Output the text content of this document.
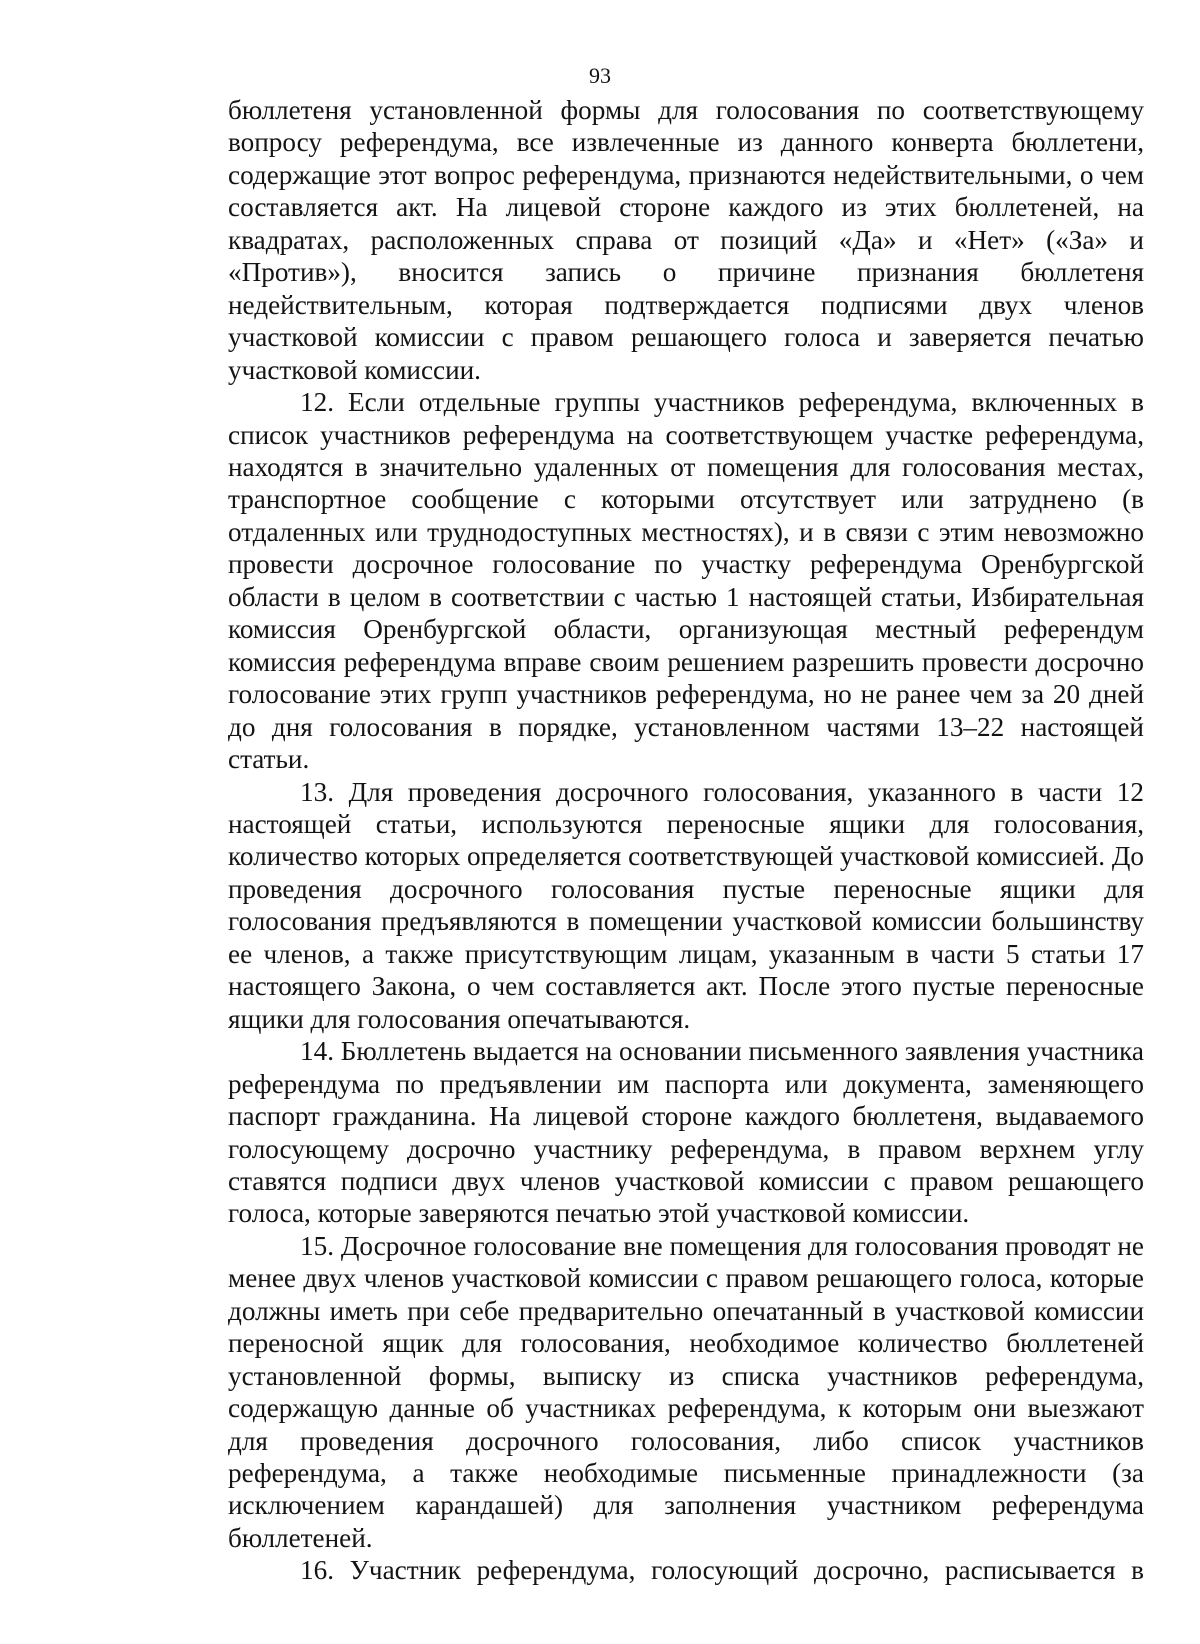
93

бюллетеня установленной формы для голосования по соответствующему вопросу референдума, все извлеченные из данного конверта бюллетени, содержащие этот вопрос референдума, признаются недействительными, о чем составляется акт. На лицевой стороне каждого из этих бюллетеней, на квадратах, расположенных справа от позиций «Да» и «Нет» («За» и «Против»), вносится запись о причине признания бюллетеня недействительным, которая подтверждается подписями двух членов участковой комиссии с правом решающего голоса и заверяется печатью участковой комиссии.

12. Если отдельные группы участников референдума, включенных в список участников референдума на соответствующем участке референдума, находятся в значительно удаленных от помещения для голосования местах, транспортное сообщение с которыми отсутствует или затруднено (в отдаленных или труднодоступных местностях), и в связи с этим невозможно провести досрочное голосование по участку референдума Оренбургской области в целом в соответствии с частью 1 настоящей статьи, Избирательная комиссия Оренбургской области, организующая местный референдум комиссия референдума вправе своим решением разрешить провести досрочно голосование этих групп участников референдума, но не ранее чем за 20 дней до дня голосования в порядке, установленном частями 13–22 настоящей статьи.

13. Для проведения досрочного голосования, указанного в части 12 настоящей статьи, используются переносные ящики для голосования, количество которых определяется соответствующей участковой комиссией. До проведения досрочного голосования пустые переносные ящики для голосования предъявляются в помещении участковой комиссии большинству ее членов, а также присутствующим лицам, указанным в части 5 статьи 17 настоящего Закона, о чем составляется акт. После этого пустые переносные ящики для голосования опечатываются.

14. Бюллетень выдается на основании письменного заявления участника референдума по предъявлении им паспорта или документа, заменяющего паспорт гражданина. На лицевой стороне каждого бюллетеня, выдаваемого голосующему досрочно участнику референдума, в правом верхнем углу ставятся подписи двух членов участковой комиссии с правом решающего голоса, которые заверяются печатью этой участковой комиссии.

15. Досрочное голосование вне помещения для голосования проводят не менее двух членов участковой комиссии с правом решающего голоса, которые должны иметь при себе предварительно опечатанный в участковой комиссии переносной ящик для голосования, необходимое количество бюллетеней установленной формы, выписку из списка участников референдума, содержащую данные об участниках референдума, к которым они выезжают для проведения досрочного голосования, либо список участников референдума, а также необходимые письменные принадлежности (за исключением карандашей) для заполнения участником референдума бюллетеней.

16. Участник референдума, голосующий досрочно, расписывается в
